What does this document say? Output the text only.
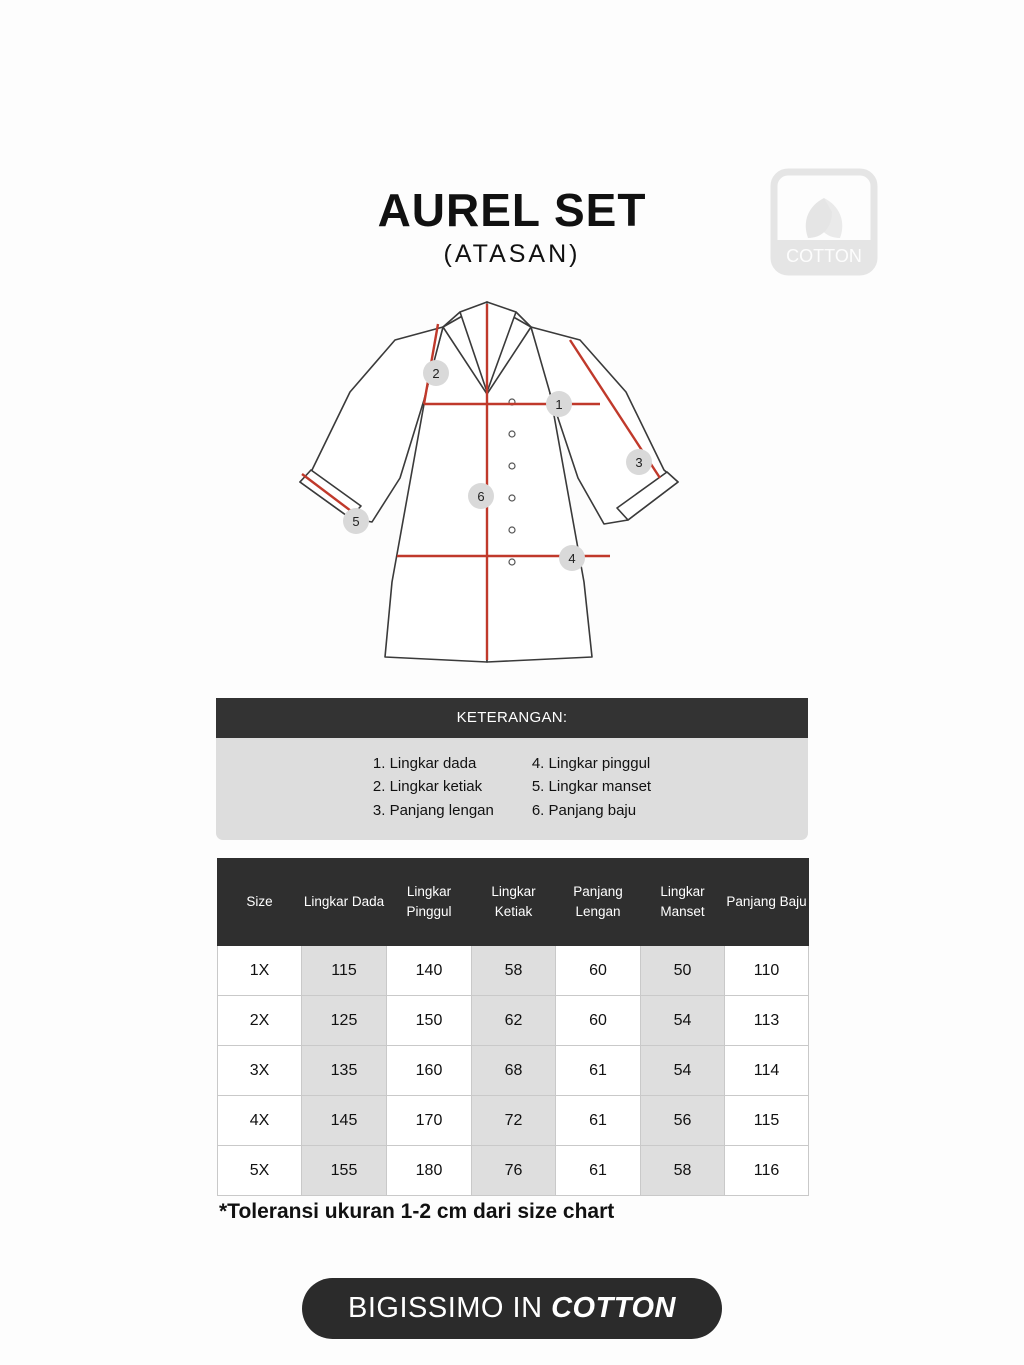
AUREL SET
(ATASAN)	COTTON
1
2
3
4
5
6
KETERANGAN:
1. Lingkar dada
2. Lingkar ketiak
3. Panjang lengan
4. Lingkar pinggul
5. Lingkar manset
6. Panjang baju
Size	Lingkar Dada	Lingkar Pinggul	Lingkar Ketiak	Panjang Lengan	Lingkar Manset	Panjang Baju
1X	115	140	58	60	50	110
2X	125	150	62	60	54	113
3X	135	160	68	61	54	114
4X	145	170	72	61	56	115
5X	155	180	76	61	58	116
*Toleransi ukuran 1-2 cm dari size chart
BIGISSIMO IN COTTON
